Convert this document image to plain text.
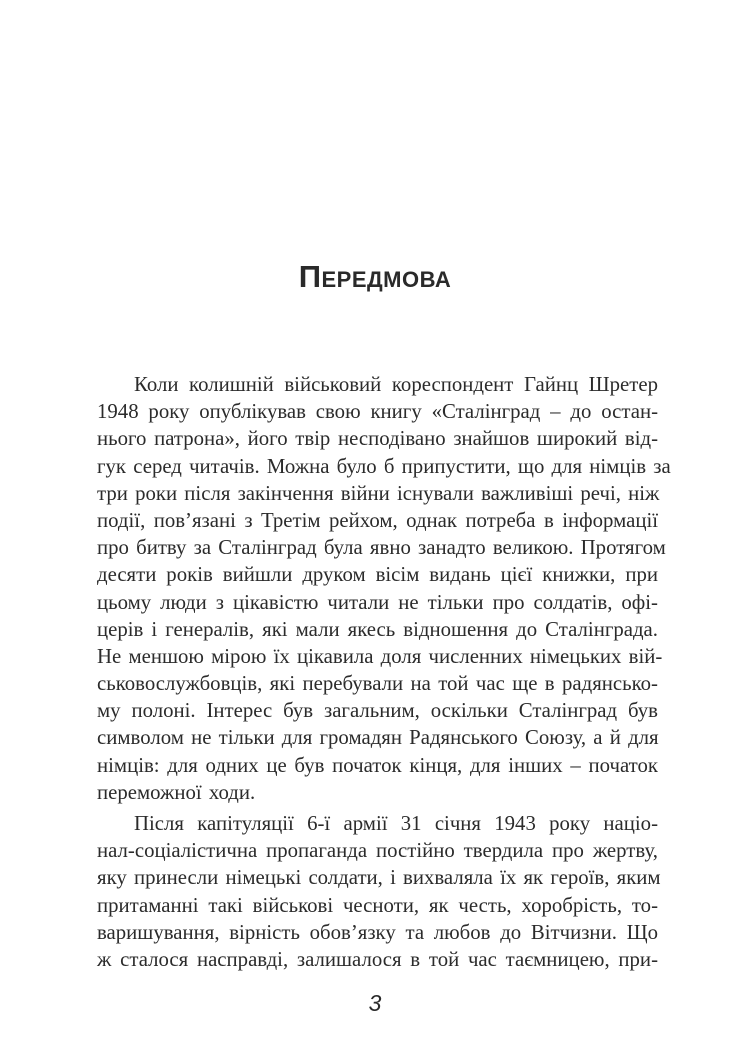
ПЕРЕДМОВА
Коли колишній військовий кореспондент Гайнц Шретер
1948 року опублікував свою книгу «Сталінград – до остан-
нього патрона», його твір несподівано знайшов широкий від-
гук серед читачів. Можна було б припустити, що для німців за
три роки після закінчення війни існували важливіші речі, ніж
події, пов’язані з Третім рейхом, однак потреба в інформації
про битву за Сталінград була явно занадто великою. Протягом
десяти років вийшли друком вісім видань цієї книжки, при
цьому люди з цікавістю читали не тільки про солдатів, офі-
церів і генералів, які мали якесь відношення до Сталінграда.
Не меншою мірою їх цікавила доля численних німецьких вій-
ськовослужбовців, які перебували на той час ще в радянсько-
му полоні. Інтерес був загальним, оскільки Сталінград був
символом не тільки для громадян Радянського Союзу, а й для
німців: для одних це був початок кінця, для інших – початок
переможної ходи.
Після капітуляції 6-ї армії 31 січня 1943 року націо-
нал-соціалістична пропаганда постійно твердила про жертву,
яку принесли німецькі солдати, і вихваляла їх як героїв, яким
притаманні такі військові чесноти, як честь, хоробрість, то-
варишування, вірність обов’язку та любов до Вітчизни. Що
ж сталося насправді, залишалося в той час таємницею, при-

3
